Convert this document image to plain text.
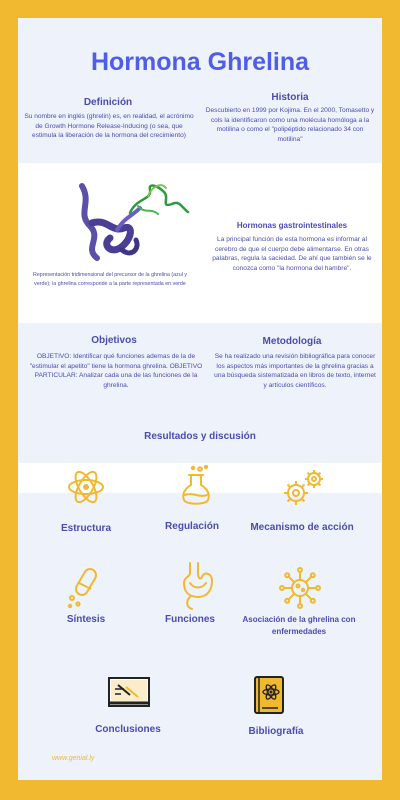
Hormona Ghrelina
Definición
Su nombre en inglés (ghrelin) es, en realidad, el acrónimo de Growth Hormone Release-Inducing (o sea, que estimula la liberación de la hormona del crecimiento)
Historia
Descubierto en 1999 por Kojima. En el 2000, Tomasetto y cols la identificaron como una molécula homóloga a la motilina o como el "polipéptido relacionado 34 con motilina"
Representación tridimensional del precursor de la ghrelina (azul y verde); la ghrelina corresponde a la parte representada en verde
Hormonas gastrointestinales
La principal función de esta hormona es informar al cerebro de que el cuerpo debe alimentarse. En otras palabras, regula la saciedad. De ahí que también se le conozca como "la hormona del hambre".
Objetivos
OBJETIVO: Identificar qué funciones ademas de la de "estimular el apetito" tiene la hormona ghrelina. OBJETIVO PARTICULAR: Analizar cada una de las funciones de la ghrelina.
Metodología
Se ha realizado una revisión bibliográfica para conocer los aspectos más importantes de la ghrelina gracias a una búsqueda sistematizada en libros de texto, internet y artículos científicos.
Resultados y discusión
Estructura	Regulación	Mecanismo de acción
Síntesis	Funciones	Asociación de la ghrelina con enfermedades
Conclusiones	Bibliografía
www.genial.ly
